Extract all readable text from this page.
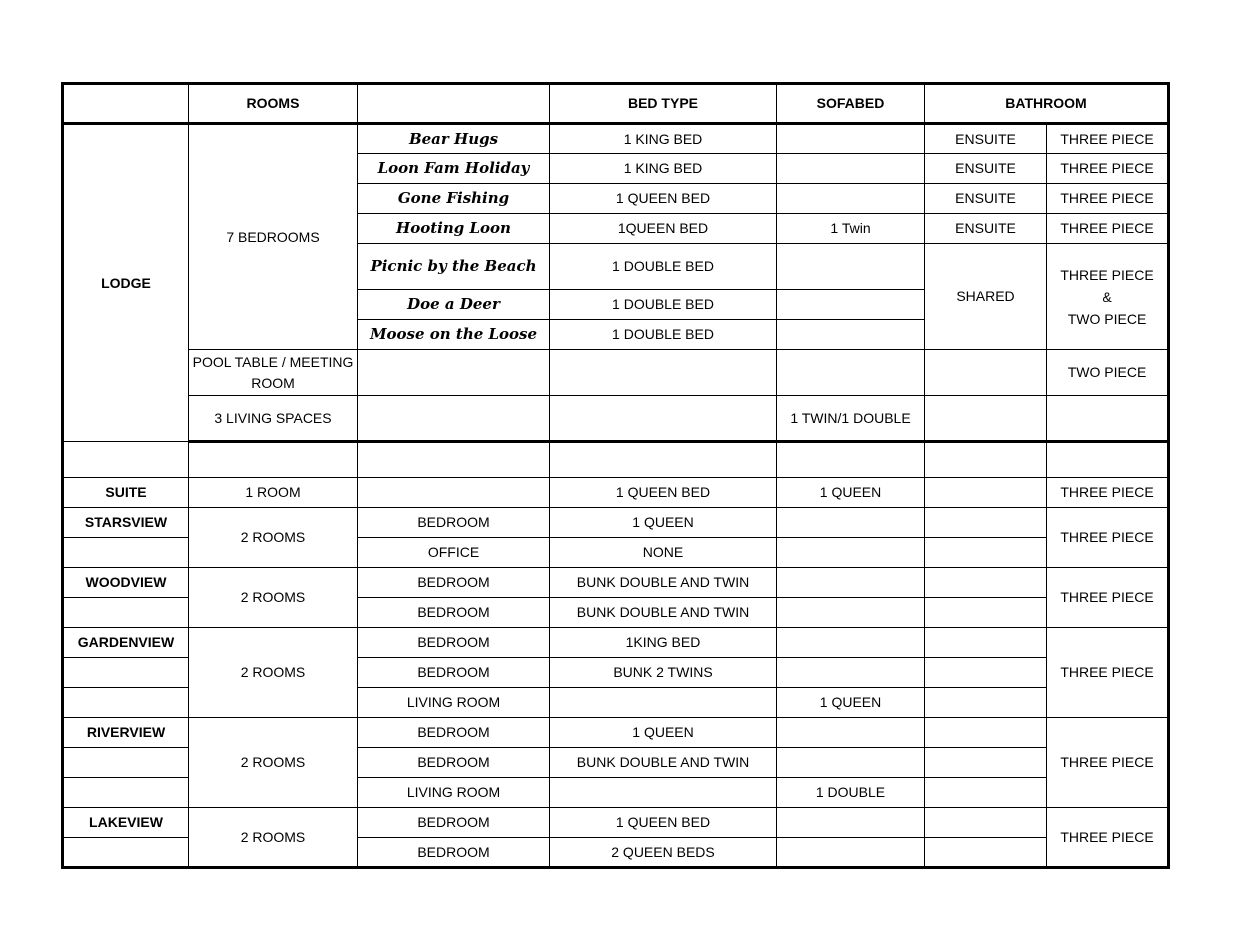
	ROOMS		BED TYPE	SOFABED	BATHROOM	
LODGE	7 BEDROOMS	Bear Hugs	1 KING BED		ENSUITE	THREE PIECE
		Loon Fam Holiday	1 KING BED		ENSUITE	THREE PIECE
		Gone Fishing	1 QUEEN BED		ENSUITE	THREE PIECE
		Hooting Loon	1QUEEN BED	1 Twin	ENSUITE	THREE PIECE
		Picnic by the Beach	1 DOUBLE BED		SHARED	THREE PIECE
&
TWO PIECE
		Doe a Deer	1 DOUBLE BED			
		Moose on the Loose	1 DOUBLE BED			
	POOL TABLE / MEETING ROOM					TWO PIECE
	3 LIVING SPACES			1 TWIN/1 DOUBLE		

SUITE	1 ROOM		1 QUEEN BED	1 QUEEN		THREE PIECE
STARSVIEW	2 ROOMS	BEDROOM	1 QUEEN			THREE PIECE
		OFFICE	NONE			
WOODVIEW	2 ROOMS	BEDROOM	BUNK DOUBLE AND TWIN			THREE PIECE
		BEDROOM	BUNK DOUBLE AND TWIN			
GARDENVIEW	2 ROOMS	BEDROOM	1KING BED			THREE PIECE
		BEDROOM	BUNK 2 TWINS			
		LIVING ROOM		1 QUEEN		
RIVERVIEW	2 ROOMS	BEDROOM	1 QUEEN			THREE PIECE
		BEDROOM	BUNK DOUBLE AND TWIN			
		LIVING ROOM		1 DOUBLE		
LAKEVIEW	2 ROOMS	BEDROOM	1 QUEEN BED			THREE PIECE
		BEDROOM	2 QUEEN BEDS			
